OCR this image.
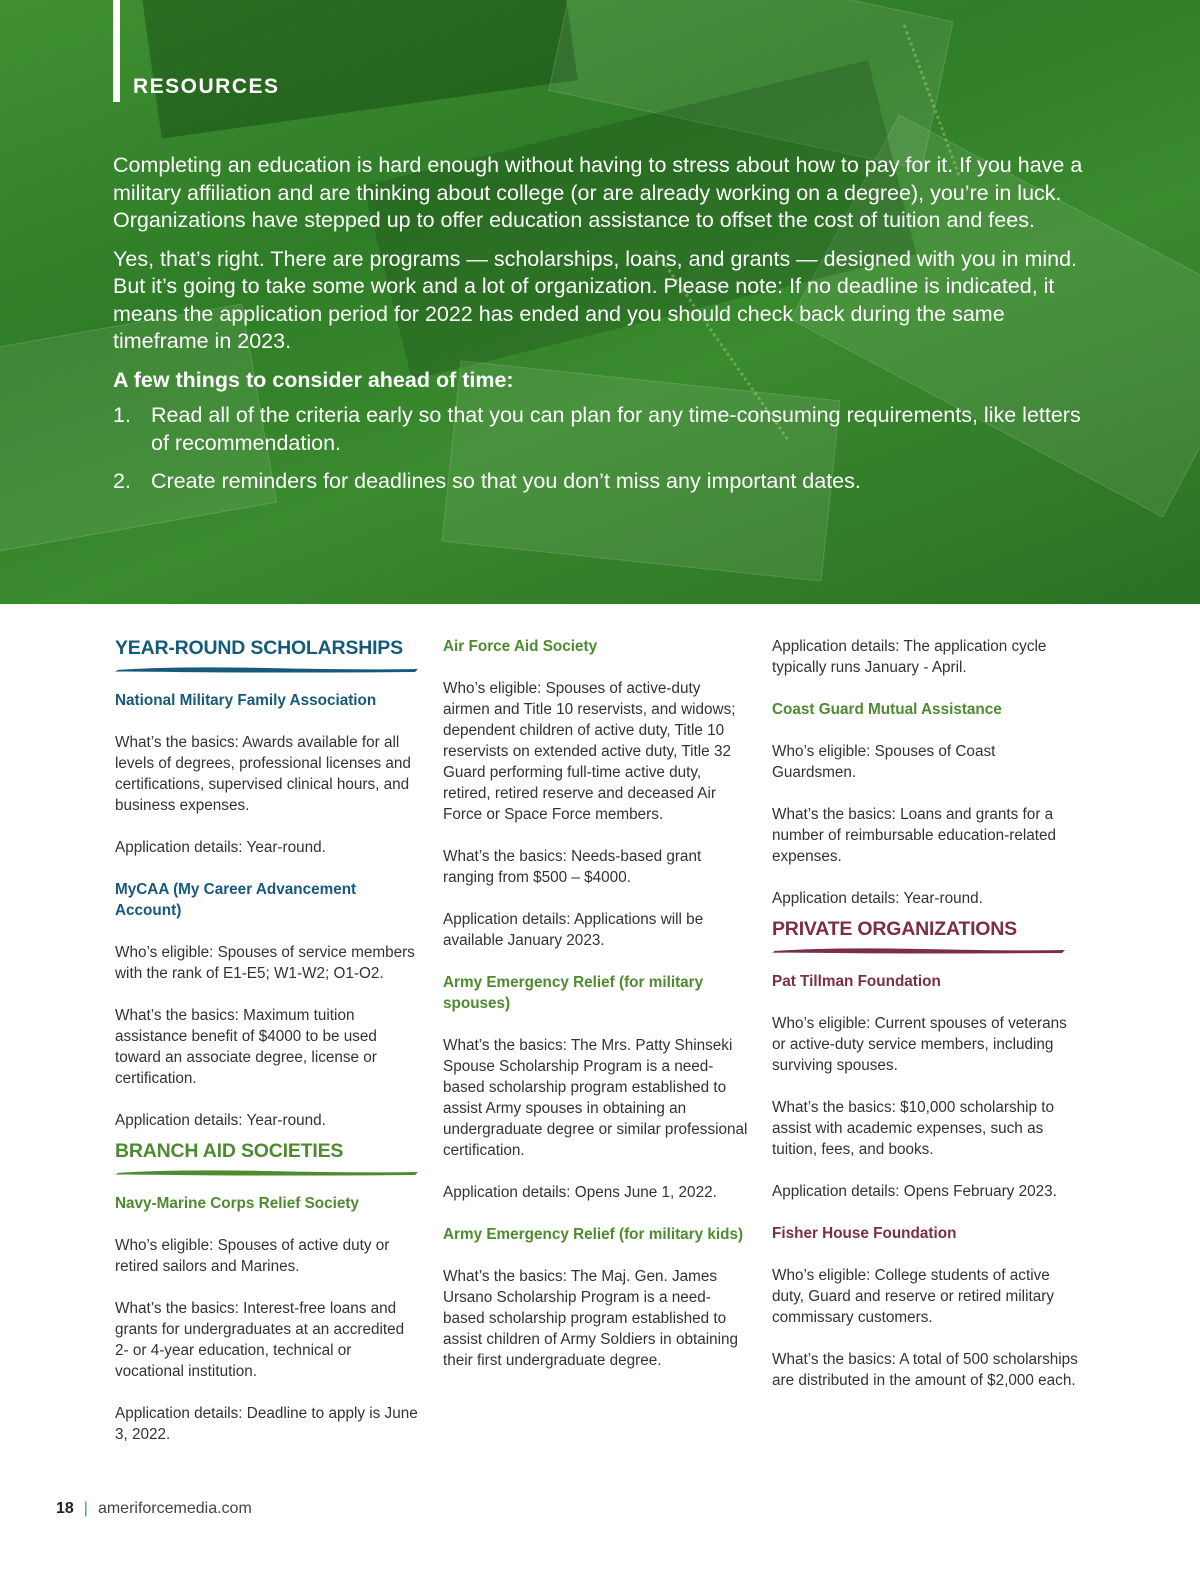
RESOURCES

Completing an education is hard enough without having to stress about how to pay for it. If you have a military affiliation and are thinking about college (or are already working on a degree), you’re in luck. Organizations have stepped up to offer education assistance to offset the cost of tuition and fees.

Yes, that’s right. There are programs — scholarships, loans, and grants — designed with you in mind. But it’s going to take some work and a lot of organization. Please note: If no deadline is indicated, it means the application period for 2022 has ended and you should check back during the same timeframe in 2023.

A few things to consider ahead of time:

1. Read all of the criteria early so that you can plan for any time-consuming requirements, like letters of recommendation.
2. Create reminders for deadlines so that you don’t miss any important dates.
YEAR-ROUND SCHOLARSHIPS
National Military Family Association

What’s the basics: Awards available for all levels of degrees, professional licenses and certifications, supervised clinical hours, and business expenses.

Application details: Year-round.

MyCAA (My Career Advancement Account)

Who’s eligible: Spouses of service members with the rank of E1-E5; W1-W2; O1-O2.

What’s the basics: Maximum tuition assistance benefit of $4000 to be used toward an associate degree, license or certification.

Application details: Year-round.

BRANCH AID SOCIETIES
Navy-Marine Corps Relief Society

Who’s eligible: Spouses of active duty or retired sailors and Marines.

What’s the basics: Interest-free loans and grants for undergraduates at an accredited 2- or 4-year education, technical or vocational institution.

Application details: Deadline to apply is June 3, 2022.

Air Force Aid Society

Who’s eligible: Spouses of active-duty airmen and Title 10 reservists, and widows; dependent children of active duty, Title 10 reservists on extended active duty, Title 32 Guard performing full-time active duty, retired, retired reserve and deceased Air Force or Space Force members.

What’s the basics: Needs-based grant ranging from $500 – $4000.

Application details: Applications will be available January 2023.

Army Emergency Relief (for military spouses)

What’s the basics: The Mrs. Patty Shinseki Spouse Scholarship Program is a need-based scholarship program established to assist Army spouses in obtaining an undergraduate degree or similar professional certification.

Application details: Opens June 1, 2022.

Army Emergency Relief (for military kids)

What’s the basics: The Maj. Gen. James Ursano Scholarship Program is a need-based scholarship program established to assist children of Army Soldiers in obtaining their first undergraduate degree.

Application details: The application cycle typically runs January - April.

Coast Guard Mutual Assistance

Who’s eligible: Spouses of Coast Guardsmen.

What’s the basics: Loans and grants for a number of reimbursable education-related expenses.

Application details: Year-round.

PRIVATE ORGANIZATIONS
Pat Tillman Foundation

Who’s eligible: Current spouses of veterans or active-duty service members, including surviving spouses.

What’s the basics: $10,000 scholarship to assist with academic expenses, such as tuition, fees, and books.

Application details: Opens February 2023.

Fisher House Foundation

Who’s eligible: College students of active duty, Guard and reserve or retired military commissary customers.

What’s the basics: A total of 500 scholarships are distributed in the amount of $2,000 each.

18 | ameriforcemedia.com
